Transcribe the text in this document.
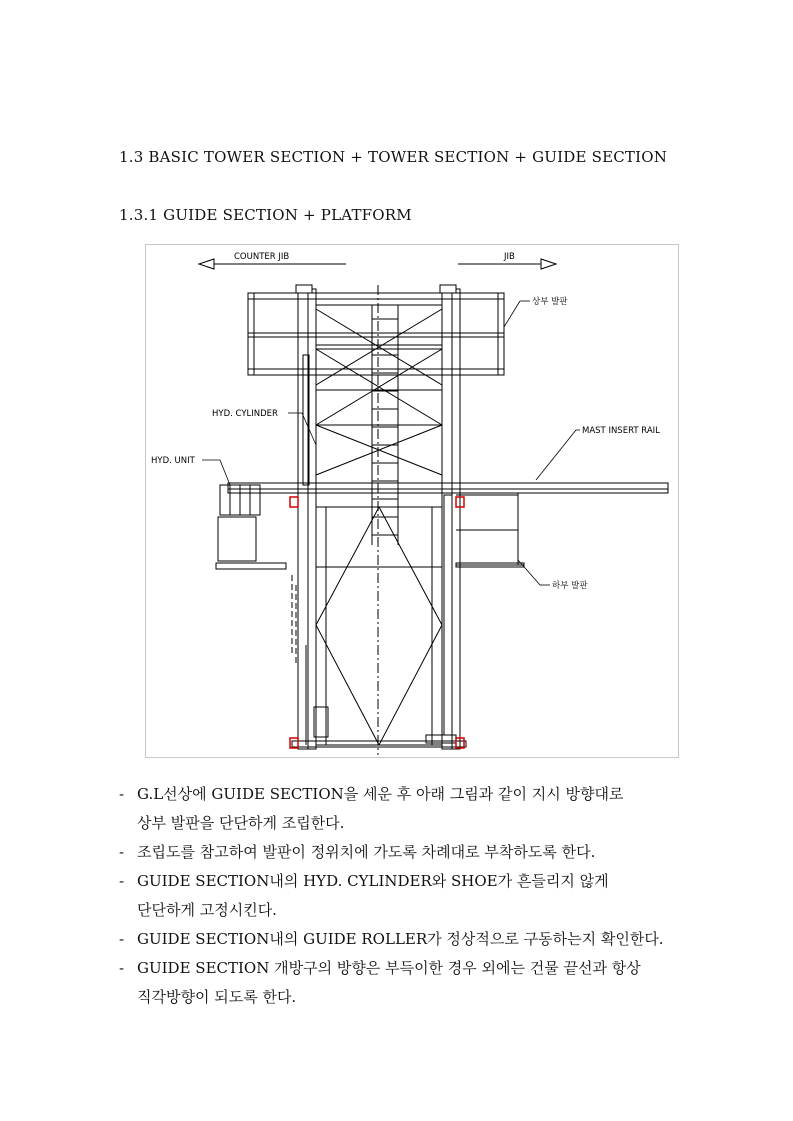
1.3 BASIC TOWER SECTION + TOWER SECTION + GUIDE SECTION
1.3.1 GUIDE SECTION + PLATFORM
COUNTER JIB	JIB
상부 발판
HYD. CYLINDER
HYD. UNIT
MAST INSERT RAIL
하부 발판
- G.L선상에 GUIDE SECTION을 세운 후 아래 그림과 같이 지시 방향대로
상부 발판을 단단하게 조립한다.
- 조립도를 참고하여 발판이 정위치에 가도록 차례대로 부착하도록 한다.
- GUIDE SECTION내의 HYD. CYLINDER와 SHOE가 흔들리지 않게
단단하게 고정시킨다.
- GUIDE SECTION내의 GUIDE ROLLER가 정상적으로 구동하는지 확인한다.
- GUIDE SECTION 개방구의 방향은 부득이한 경우 외에는 건물 끝선과 항상
직각방향이 되도록 한다.
